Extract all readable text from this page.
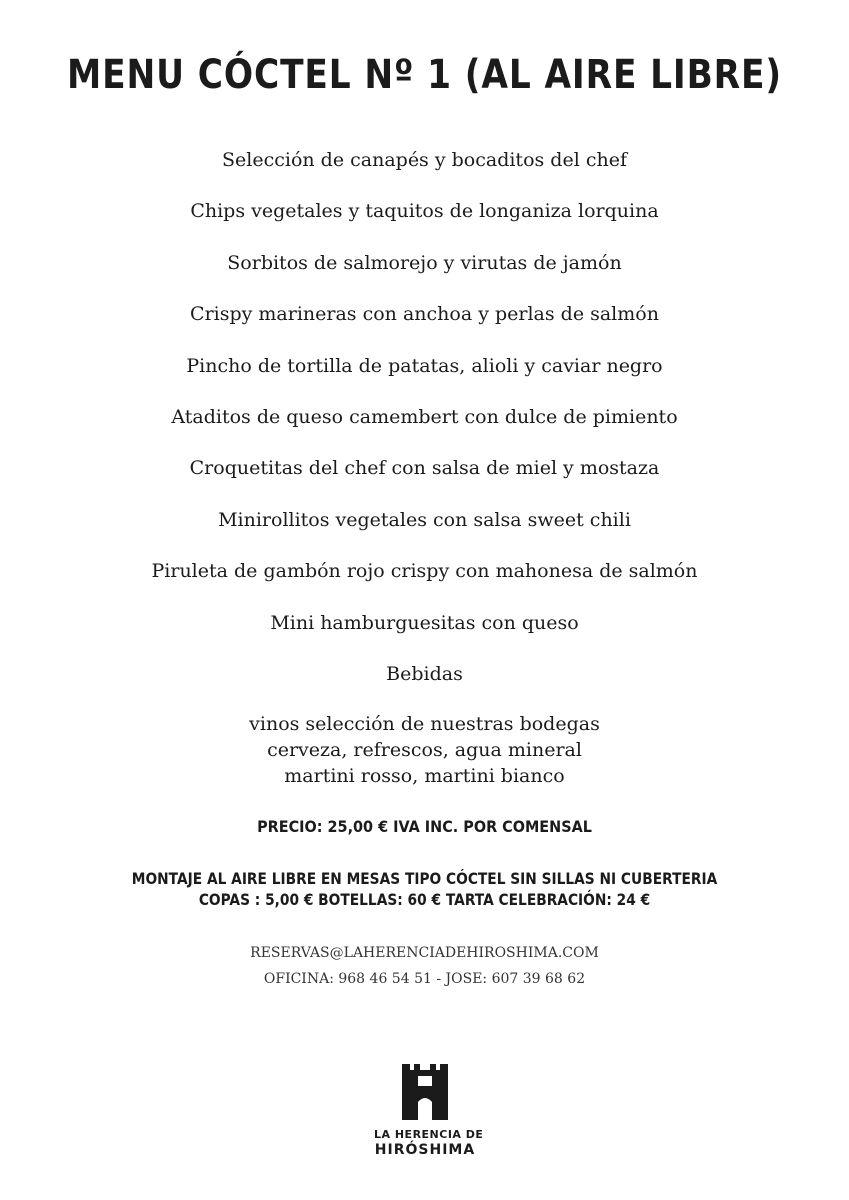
MENU CÓCTEL Nº 1 (AL AIRE LIBRE)
Selección de canapés y bocaditos del chef
Chips vegetales y taquitos de longaniza lorquina
Sorbitos de salmorejo y virutas de jamón
Crispy marineras con anchoa y perlas de salmón
Pincho de tortilla de patatas, alioli y caviar negro
Ataditos de queso camembert con dulce de pimiento
Croquetitas del chef con salsa de miel y mostaza
Minirollitos vegetales con salsa sweet chili
Piruleta de gambón rojo crispy con mahonesa de salmón
Mini hamburguesitas con queso
Bebidas
vinos selección de nuestras bodegas
cerveza, refrescos, agua mineral
martini rosso, martini bianco
PRECIO: 25,00 € IVA INC. POR COMENSAL
MONTAJE AL AIRE LIBRE EN MESAS TIPO CÓCTEL SIN SILLAS NI CUBERTERIA
COPAS : 5,00 € BOTELLAS: 60 € TARTA CELEBRACIÓN: 24 €
RESERVAS@LAHERENCIADEHIROSHIMA.COM
OFICINA: 968 46 54 51 - JOSE: 607 39 68 62
LA HERENCIA DE
HIRÓSHIMA
